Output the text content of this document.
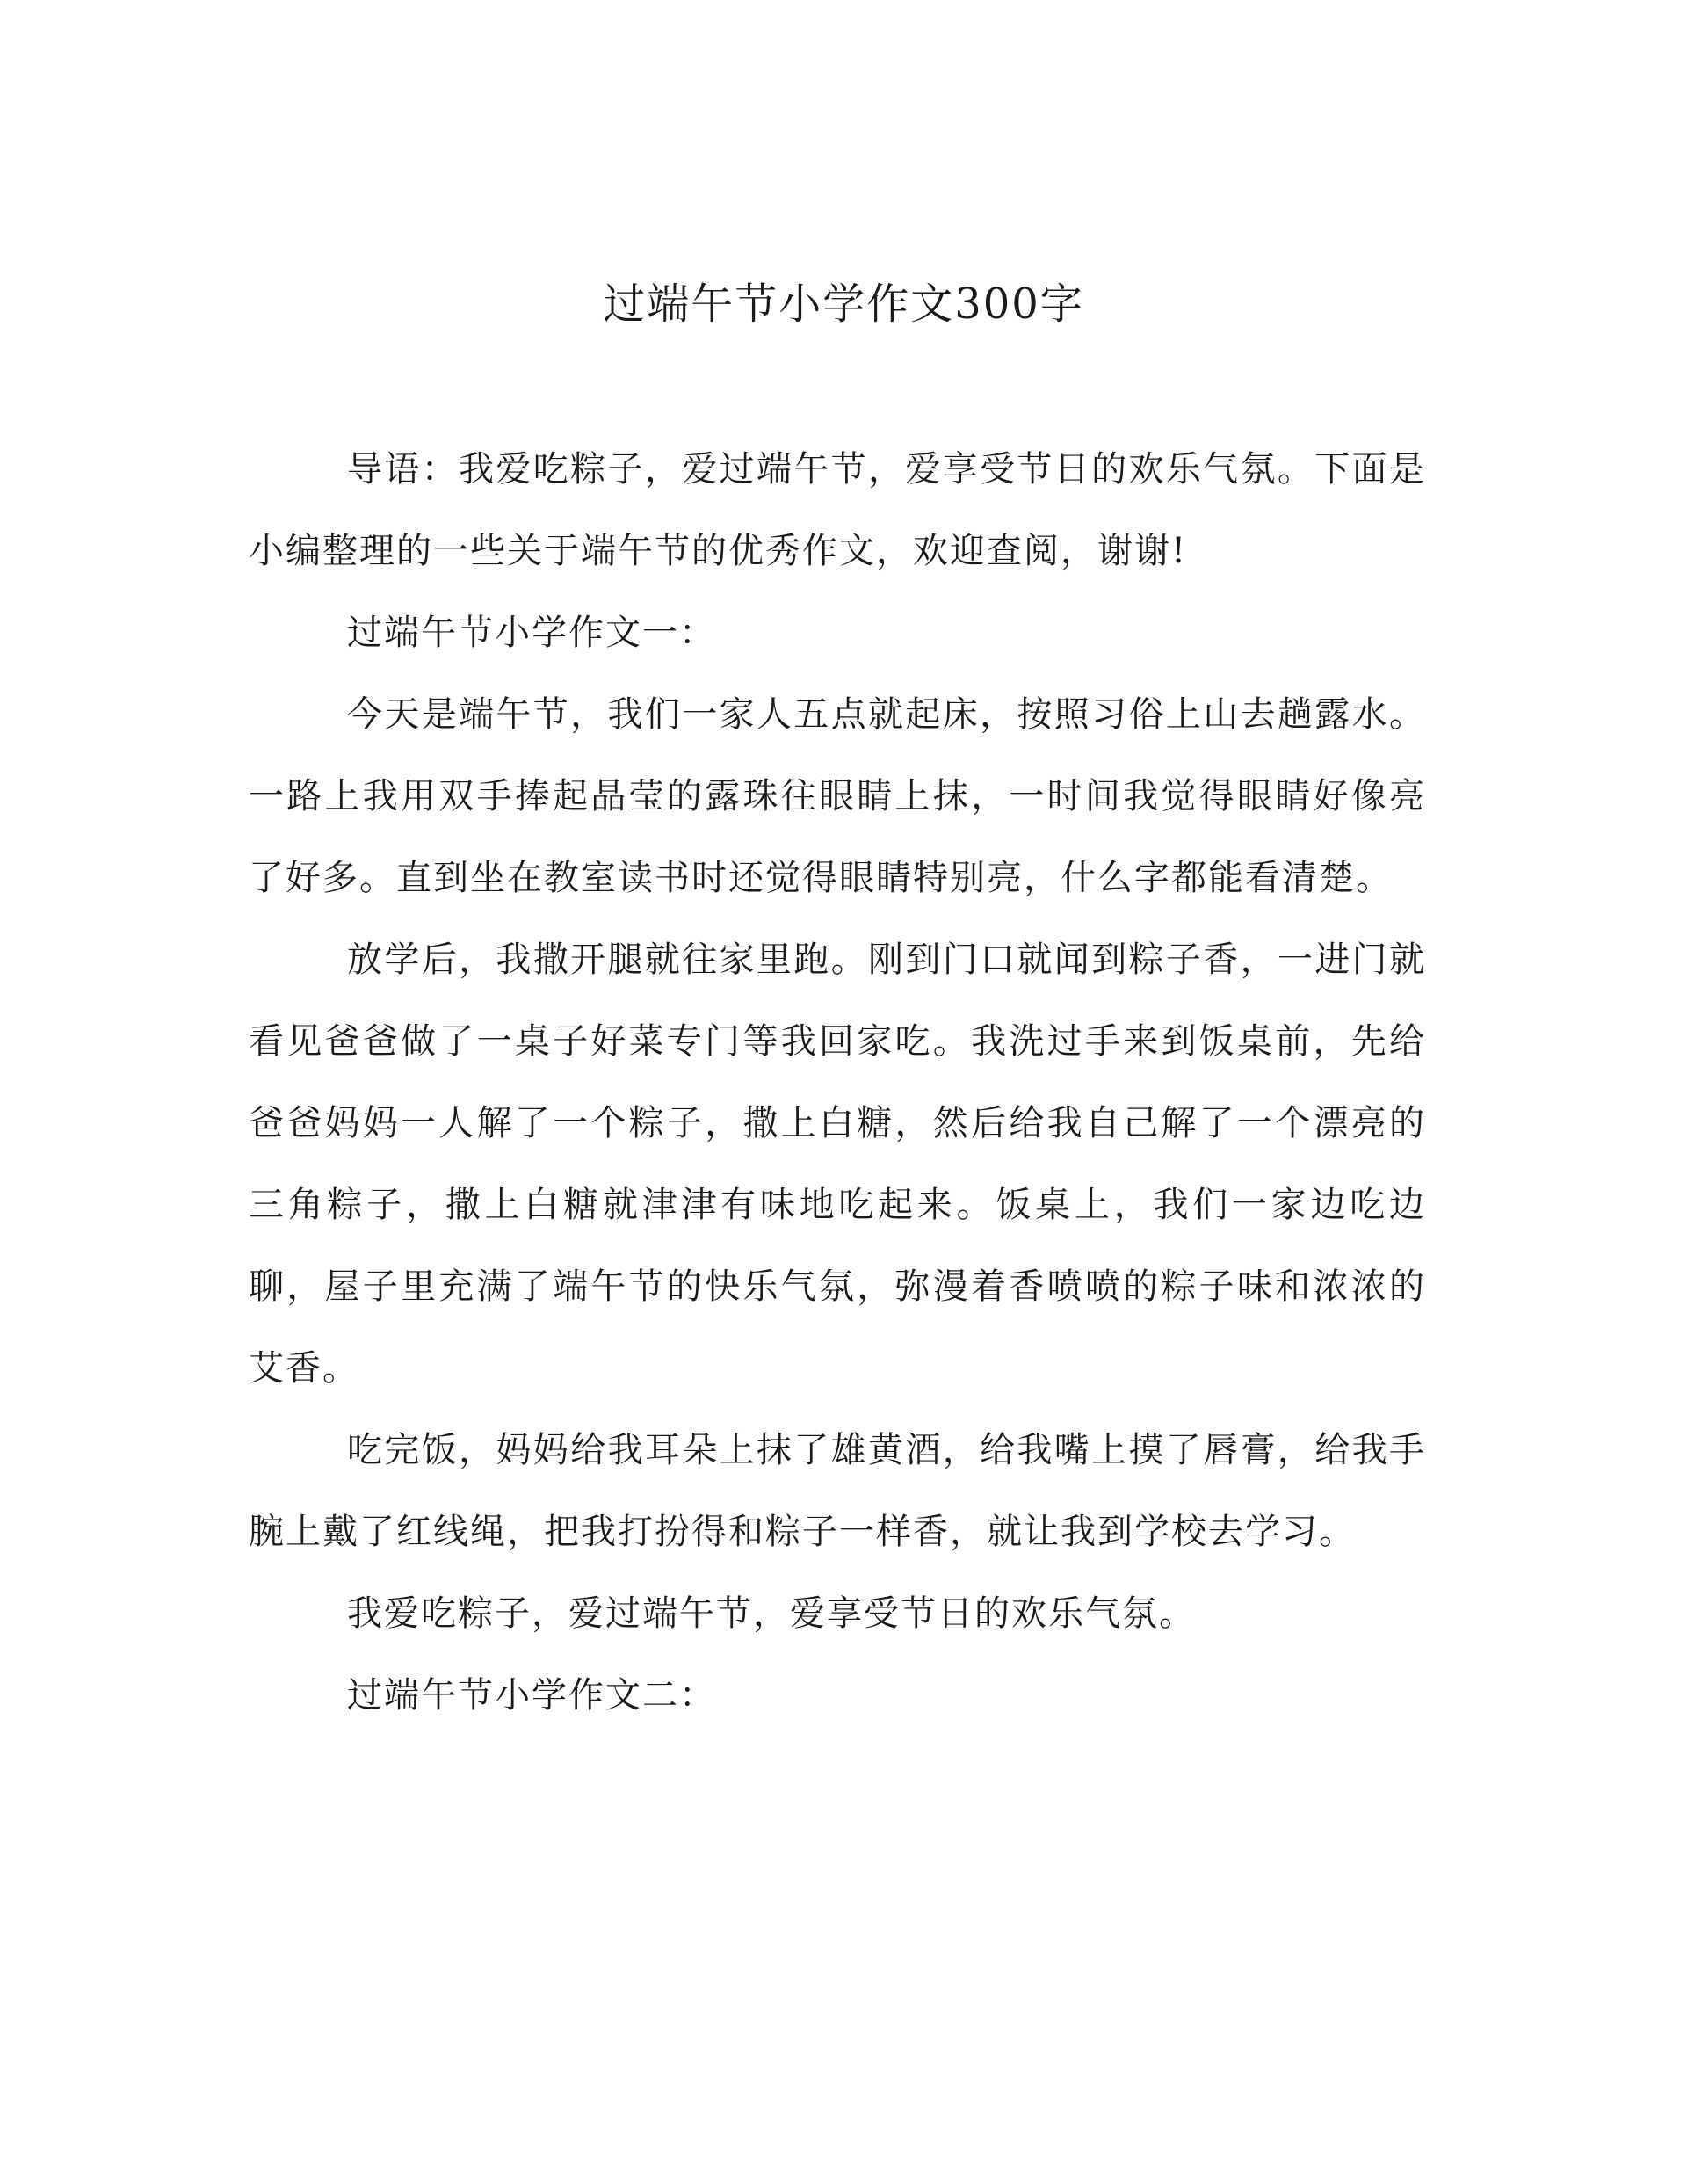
过端午节小学作文300字

导语：我爱吃粽子，爱过端午节，爱享受节日的欢乐气氛。下面是小编整理的一些关于端午节的优秀作文，欢迎查阅，谢谢!

过端午节小学作文一：

今天是端午节，我们一家人五点就起床，按照习俗上山去趟露水。一路上我用双手捧起晶莹的露珠往眼睛上抹，一时间我觉得眼睛好像亮了好多。直到坐在教室读书时还觉得眼睛特别亮，什么字都能看清楚。

放学后，我撒开腿就往家里跑。刚到门口就闻到粽子香，一进门就看见爸爸做了一桌子好菜专门等我回家吃。我洗过手来到饭桌前，先给爸爸妈妈一人解了一个粽子，撒上白糖，然后给我自己解了一个漂亮的三角粽子，撒上白糖就津津有味地吃起来。饭桌上，我们一家边吃边聊，屋子里充满了端午节的快乐气氛，弥漫着香喷喷的粽子味和浓浓的艾香。

吃完饭，妈妈给我耳朵上抹了雄黄酒，给我嘴上摸了唇膏，给我手腕上戴了红线绳，把我打扮得和粽子一样香，就让我到学校去学习。

我爱吃粽子，爱过端午节，爱享受节日的欢乐气氛。

过端午节小学作文二：
